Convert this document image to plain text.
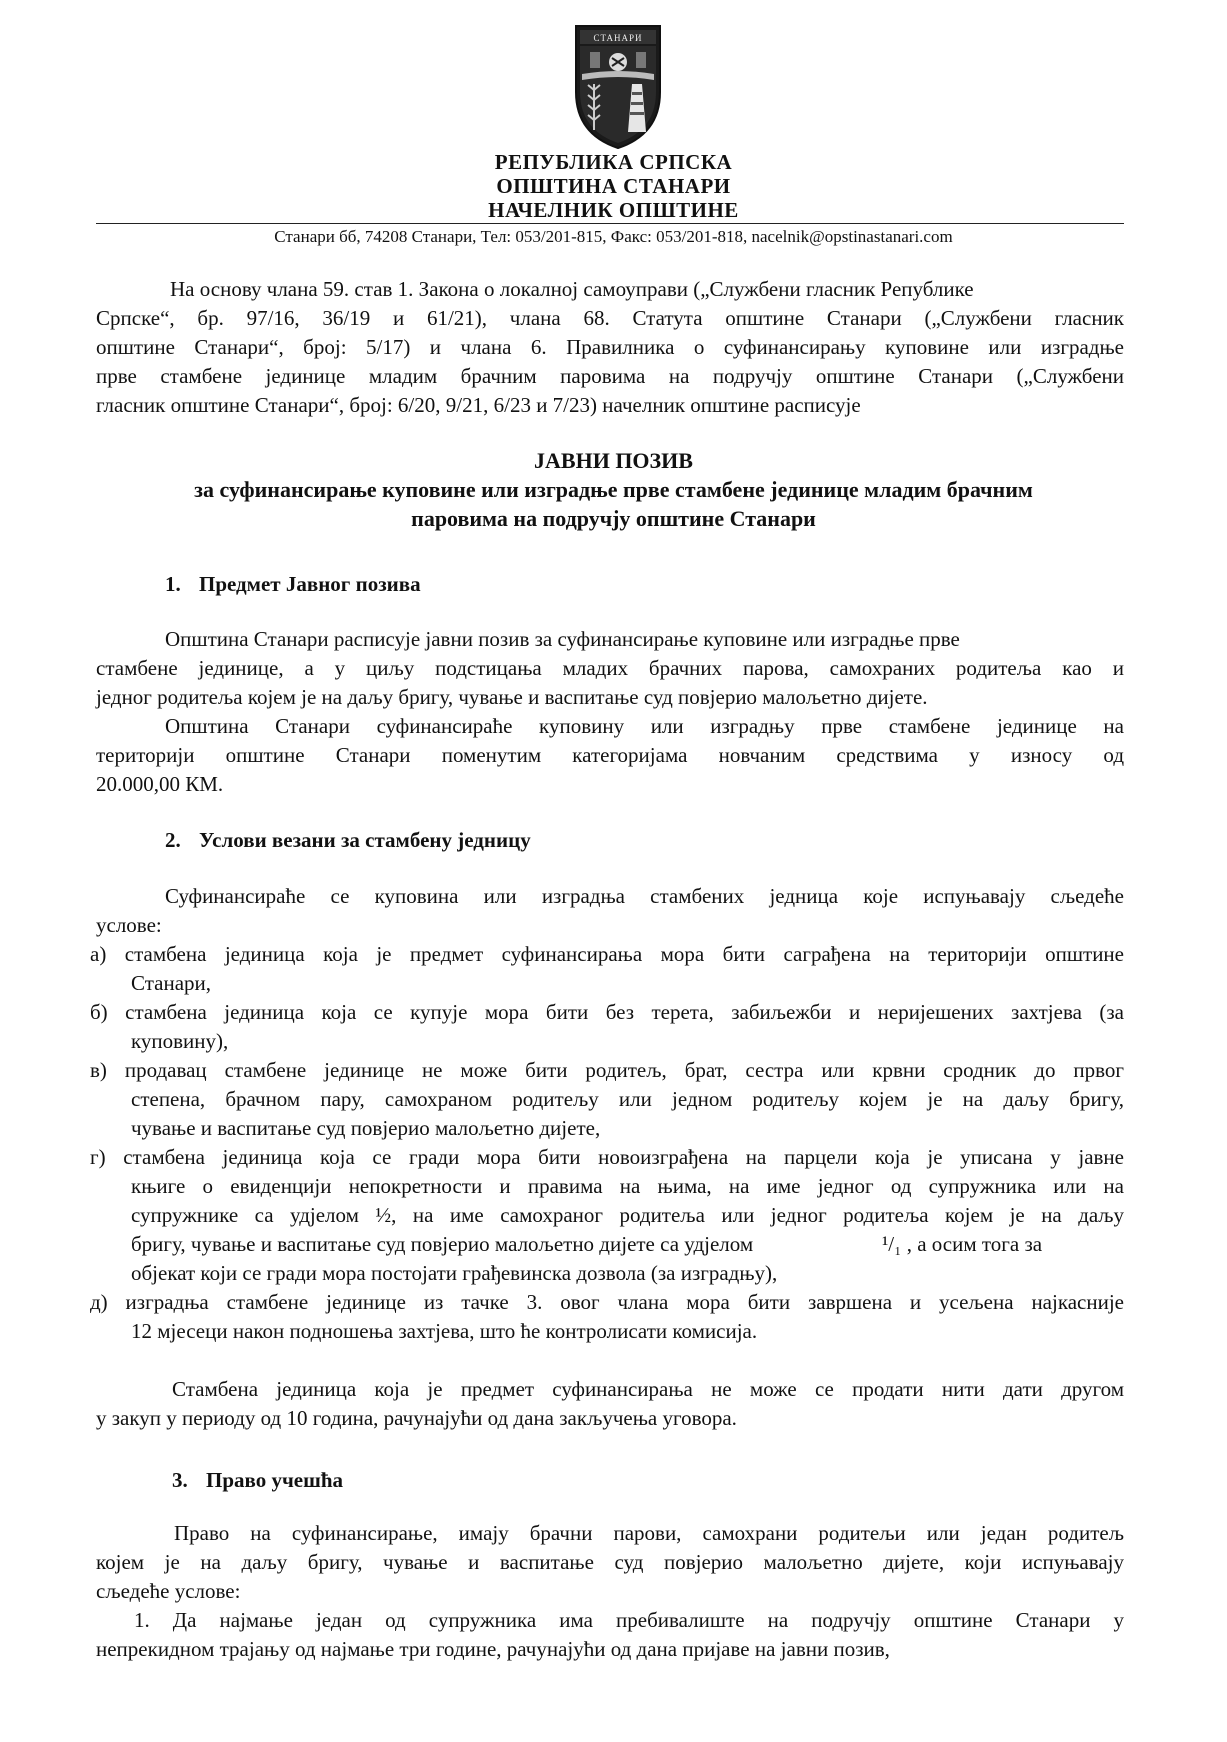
СТАНАРИ
РЕПУБЛИКА СРПСКА
ОПШТИНА СТАНАРИ
НАЧЕЛНИК ОПШТИНЕ
Станари бб, 74208 Станари, Тел: 053/201-815, Факс: 053/201-818, nacelnik@opstinastanari.com
На основу члана 59. став 1. Закона о локалној самоуправи („Службени гласник Републике
Српске“, бр. 97/16, 36/19 и 61/21), члана 68. Статута општине Станари („Службени гласник
општине Станари“, број: 5/17) и члана 6. Правилника о суфинансирању куповине или изградње
прве стамбене јединице младим брачним паровима на подручју општине Станари („Службени
гласник општине Станари“, број: 6/20, 9/21, 6/23 и 7/23) начелник општине расписује
ЈАВНИ ПОЗИВ
за суфинансирање куповине или изградње прве стамбене јединице младим брачним
паровима на подручју општине Станари
1. Предмет Јавног позива
Општина Станари расписује јавни позив за суфинансирање куповине или изградње прве
стамбене јединице, а у циљу подстицања младих брачних парова, самохраних родитеља као и
једног родитеља којем је на даљу бригу, чување и васпитање суд повјерио малољетно дијете.
Општина Станари суфинансираће куповину или изградњу прве стамбене јединице на
територији општине Станари поменутим категоријама новчаним средствима у износу од
20.000,00 КМ.
2. Услови везани за стамбену једницу
Суфинансираће се куповина или изградња стамбених једница које испуњавају сљедеће
услове:
а) стамбена јединица која је предмет суфинансирања мора бити саграђена на територији општине
Станари,
б) стамбена јединица која се купује мора бити без терета, забиљежби и неријешених захтјева (за
куповину),
в) продавац стамбене јединице не може бити родитељ, брат, сестра или крвни сродник до првог
степена, брачном пару, самохраном родитељу или једном родитељу којем је на даљу бригу,
чување и васпитање суд повјерио малољетно дијете,
г) стамбена јединица која се гради мора бити новоизграђена на парцели која је уписана у јавне
књиге о евиденцији непокретности и правима на њима, на име једног од супружника или на
супружнике са удјелом ½, на име самохраног родитеља или једног родитеља којем је на даљу
бригу, чување и васпитање суд повјерио малољетно дијете са удјелом	¹/₁ , а осим тога за
објекат који се гради мора постојати грађевинска дозвола (за изградњу),
д) изградња стамбене јединице из тачке 3. овог члана мора бити завршена и усељена најкасније
12 мјесеци након подношења захтјева, што ће контролисати комисија.
Стамбена јединица која је предмет суфинансирања не може се продати нити дати другом
у закуп у периоду од 10 година, рачунајући од дана закључења уговора.
3. Право учешћа
Право на суфинансирање, имају брачни парови, самохрани родитељи или један родитељ
којем је на даљу бригу, чување и васпитање суд повјерио малољетно дијете, који испуњавају
сљедеће услове:
1. Да најмање један од супружника има пребивалиште на подручју општине Станари у
непрекидном трајању од најмање три године, рачунајући од дана пријаве на јавни позив,
